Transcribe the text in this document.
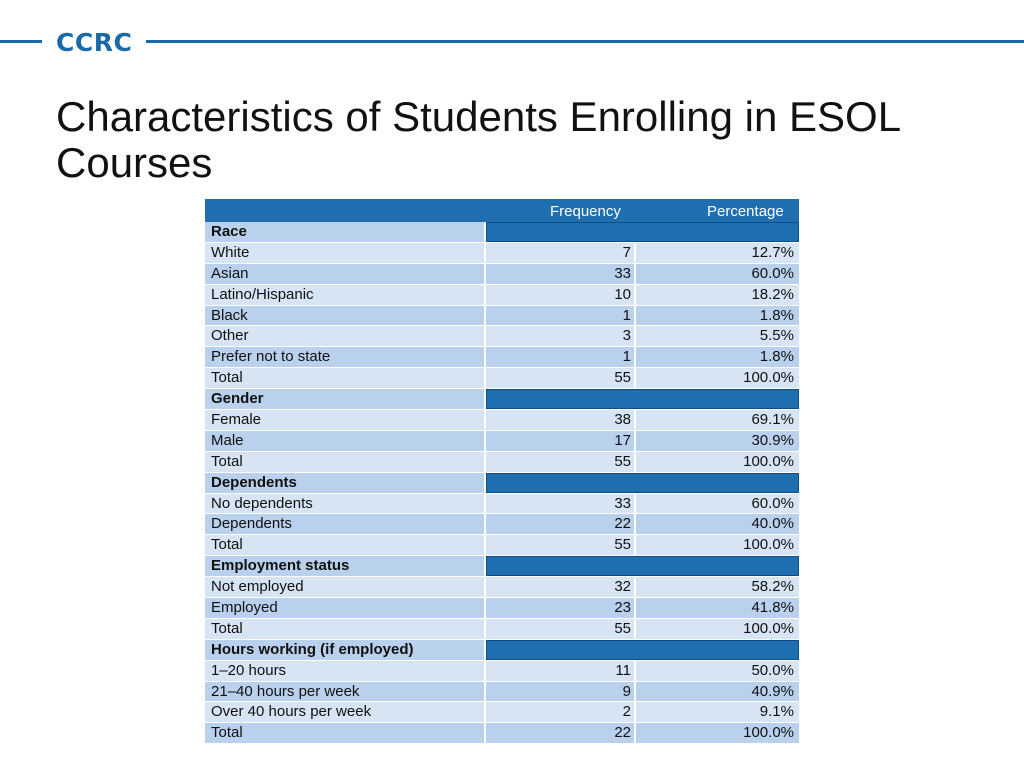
CCRC
Characteristics of Students Enrolling in ESOL Courses
Frequency	Percentage
Race
White	7	12.7%
Asian	33	60.0%
Latino/Hispanic	10	18.2%
Black	1	1.8%
Other	3	5.5%
Prefer not to state	1	1.8%
Total	55	100.0%
Gender
Female	38	69.1%
Male	17	30.9%
Total	55	100.0%
Dependents
No dependents	33	60.0%
Dependents	22	40.0%
Total	55	100.0%
Employment status
Not employed	32	58.2%
Employed	23	41.8%
Total	55	100.0%
Hours working (if employed)
1–20 hours	11	50.0%
21–40 hours per week	9	40.9%
Over 40 hours per week	2	9.1%
Total	22	100.0%
